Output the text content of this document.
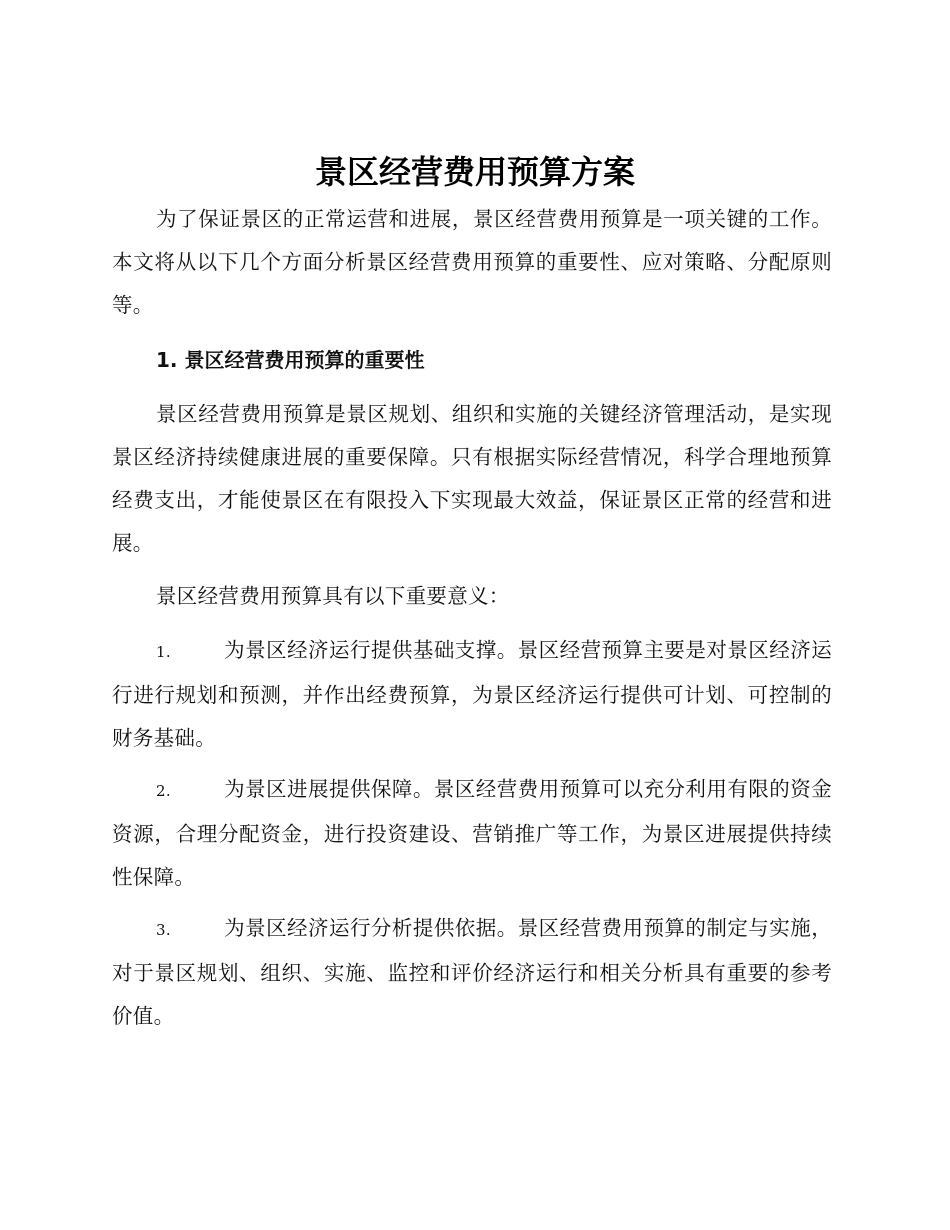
景区经营费用预算方案

为了保证景区的正常运营和进展，景区经营费用预算是一项关键的工作。本文将从以下几个方面分析景区经营费用预算的重要性、应对策略、分配原则等。

1. 景区经营费用预算的重要性

景区经营费用预算是景区规划、组织和实施的关键经济管理活动，是实现景区经济持续健康进展的重要保障。只有根据实际经营情况，科学合理地预算经费支出，才能使景区在有限投入下实现最大效益，保证景区正常的经营和进展。

景区经营费用预算具有以下重要意义：

1.	为景区经济运行提供基础支撑。景区经营预算主要是对景区经济运行进行规划和预测，并作出经费预算，为景区经济运行提供可计划、可控制的财务基础。

2.	为景区进展提供保障。景区经营费用预算可以充分利用有限的资金资源，合理分配资金，进行投资建设、营销推广等工作，为景区进展提供持续性保障。

3.	为景区经济运行分析提供依据。景区经营费用预算的制定与实施，对于景区规划、组织、实施、监控和评价经济运行和相关分析具有重要的参考价值。
